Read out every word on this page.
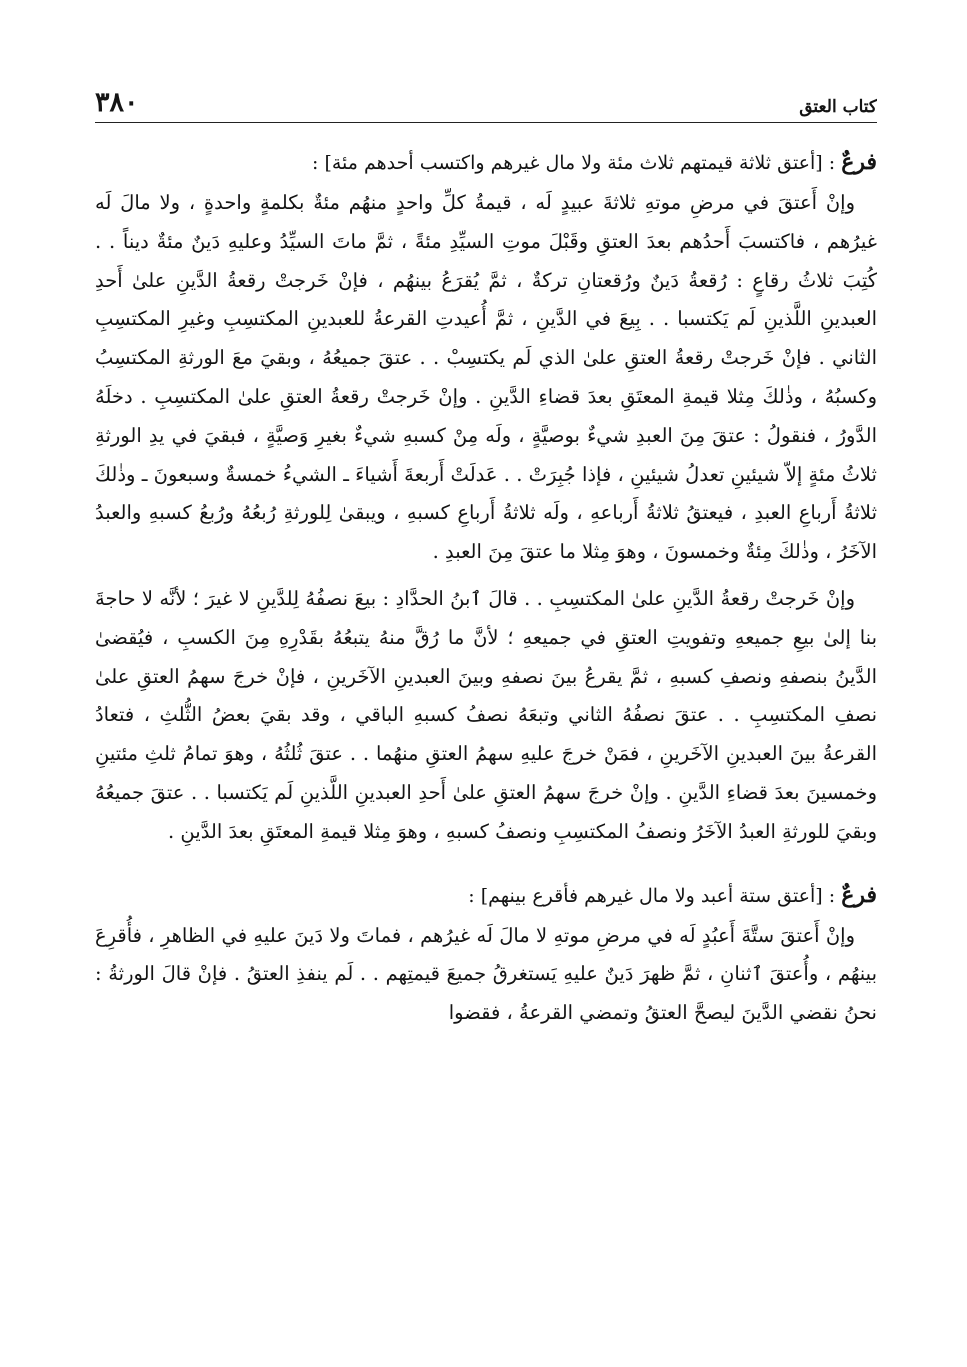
كتاب العتق
٣٨٠
فرعٌ : [أعتق ثلاثة قيمتهم ثلاث مئة ولا مال غيرهم واكتسب أحدهم مئة] :

وإنْ أَعتقَ في مرضِ موتهِ ثلاثةَ عبيدٍ لَه ، قيمةُ كلِّ واحدٍ منهُم مئةٌ بكلمةٍ واحدةٍ ، ولا مالَ لَه غيرُهم ، فاكتسبَ أَحدُهم بعدَ العتقِ وقَبْلَ موتِ السيِّدِ مئةً ، ثمَّ ماتَ السيِّدُ وعليهِ دَينٌ مئةٌ ديناً . . كُتِبَ ثلاثُ رقاعٍ : رُقعةُ دَينٌ ورُقعتانِ تركةٌ ، ثمَّ يُقرَعُ بينهُم ، فإنْ خَرجتْ رقعةُ الدَّينِ علىٰ أَحدِ العبدينِ اللَّذينِ لَم يَكتسبا . . بِيعَ في الدَّينِ ، ثمَّ أُعيدتِ القرعةُ للعبدينِ المكتسِبِ وغيرِ المكتسِبِ الثاني . فإنْ خَرجتْ رقعةُ العتقِ علىٰ الذي لَم يكتسِبْ . . عتقَ جميعُهُ ، وبقيَ معَ الورثةِ المكتسِبُ وكسبُهُ ، وذٰلكَ مِثلا قيمةِ المعتَقِ بعدَ قضاءِ الدَّينِ . وإنْ خَرجتْ رقعةُ العتقِ علىٰ المكتسِبِ . دخلَهُ الدَّورُ ، فنقولُ : عتقَ مِنَ العبدِ شيءٌ بوصيَّةٍ ، ولَه مِنْ كسبهِ شيءٌ بغيرِ وَصيَّةٍ ، فبقيَ في يدِ الورثةِ ثلاثُ مئةٍ إلاّ شيئينِ تعدلُ شيئينِ ، فإذا جُبِرَتْ . . عَدلَتْ أَربعةَ أَشياءَ ـ الشيءُ خمسةٌ وسبعونَ ـ وذٰلكَ ثلاثةُ أَرباعِ العبدِ ، فيعتقُ ثلاثةُ أَرباعهِ ، ولَه ثلاثةُ أَرباعِ كسبهِ ، ويبقىٰ لِلورثةِ رُبعُهُ ورُبعُ كسبهِ والعبدُ الآخَرُ ، وذٰلكَ مِئةٌ وخمسونَ ، وهوَ مِثلا ما عتقَ مِنَ العبدِ .

وإنْ خَرجتْ رقعةُ الدَّينِ علىٰ المكتسِبِ . . قالَ ٱبنُ الحدَّادِ : بيعَ نصفُهُ لِلدَّينِ لا غيرَ ؛ لأنَّه لا حاجةَ بنا إلىٰ بيعِ جميعهِ وتفويتِ العتقِ في جميعهِ ؛ لأنَّ ما رُقَّ منهُ يتبعُهُ بقَدْرِهِ مِنَ الكسبِ ، فيُقضىٰ الدَّينُ بنصفهِ ونصفِ كسبهِ ، ثمَّ يقرعُ بينَ نصفهِ وبينَ العبدينِ الآخَرينِ ، فإنْ خرجَ سهمُ العتقِ علىٰ نصفِ المكتسِبِ . . عتقَ نصفُهُ الثاني وتبعَهُ نصفُ كسبهِ الباقي ، وقد بقيَ بعضُ الثُّلثِ ، فتعادُ القرعةُ بينَ العبدينِ الآخَرينِ ، فمَنْ خرجَ عليهِ سهمُ العتقِ منهُما . . عتقَ ثُلثُهُ ، وهوَ تمامُ ثلثِ مئتينِ وخمسينَ بعدَ قضاءِ الدَّينِ . وإنْ خرجَ سهمُ العتقِ علىٰ أَحدِ العبدينِ اللَّذينِ لَم يَكتسبا . . عتقَ جميعُهُ وبقيَ للورثةِ العبدُ الآخَرُ ونصفُ المكتسِبِ ونصفُ كسبهِ ، وهوَ مِثلا قيمةِ المعتَقِ بعدَ الدَّينِ .

فرعٌ : [أعتق ستة أعبد ولا مال غيرهم فأقرع بينهم] :

وإنْ أَعتقَ ستَّةَ أَعبُدٍ لَه في مرضِ موتهِ لا مالَ لَه غيرُهم ، فماتَ ولا دَينَ عليهِ في الظاهرِ ، فأُقرِعَ بينهُم ، وأُعتقَ ٱثنانِ ، ثمَّ ظهرَ دَينٌ عليهِ يَستغرقُ جميعَ قيمتِهم . . لَم ينفذِ العتقُ . فإنْ قالَ الورثةُ : نحنُ نقضي الدَّينَ ليصحَّ العتقُ وتمضي القرعةُ ، فقضوا
